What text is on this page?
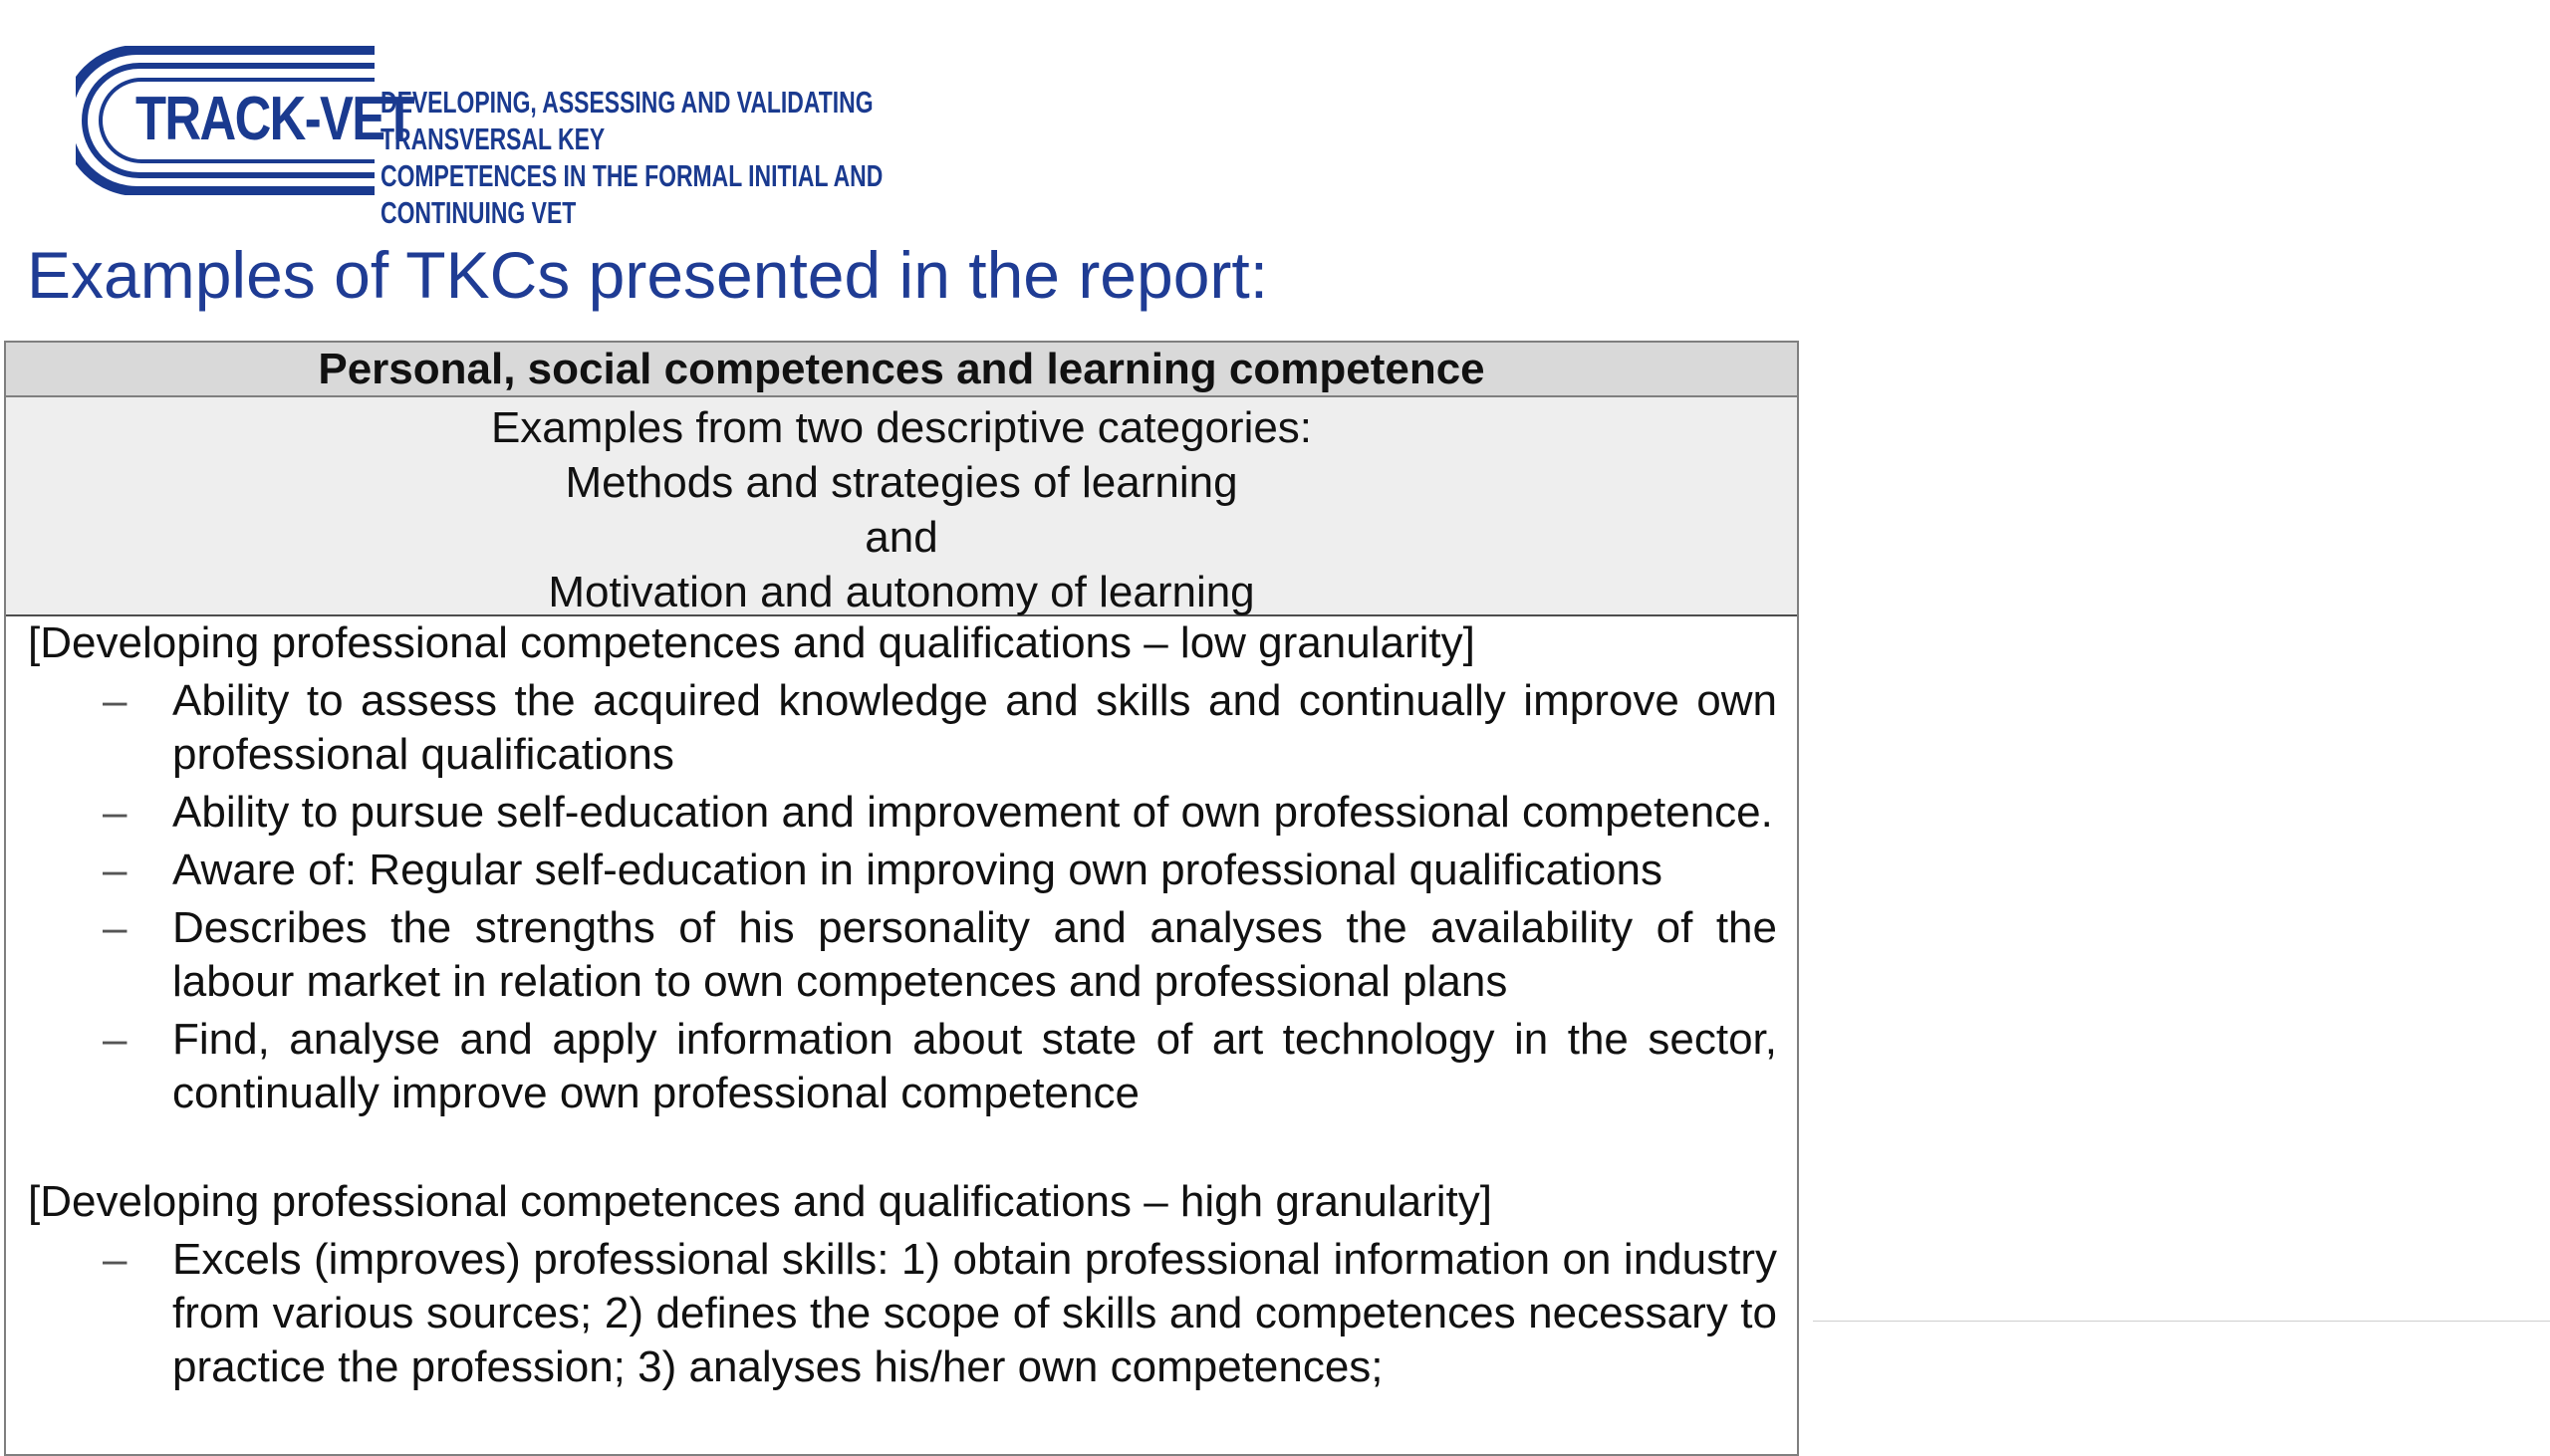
TRACK-VET
DEVELOPING, ASSESSING AND VALIDATING TRANSVERSAL KEY
COMPETENCES IN THE FORMAL INITIAL AND CONTINUING VET
Examples of TKCs presented in the report:
Personal, social competences and learning competence
Examples from two descriptive categories:
Methods and strategies of learning
and
Motivation and autonomy of learning
[Developing professional competences and qualifications – low granularity]
– Ability to assess the acquired knowledge and skills and continually improve own professional qualifications
– Ability to pursue self-education and improvement of own professional competence.
– Aware of: Regular self-education in improving own professional qualifications
– Describes the strengths of his personality and analyses the availability of the labour market in relation to own competences and professional plans
– Find, analyse and apply information about state of art technology in the sector, continually improve own professional competence
[Developing professional competences and qualifications – high granularity]
– Excels (improves) professional skills: 1) obtain professional information on industry from various sources; 2) defines the scope of skills and competences necessary to practice the profession; 3) analyses his/her own competences;
